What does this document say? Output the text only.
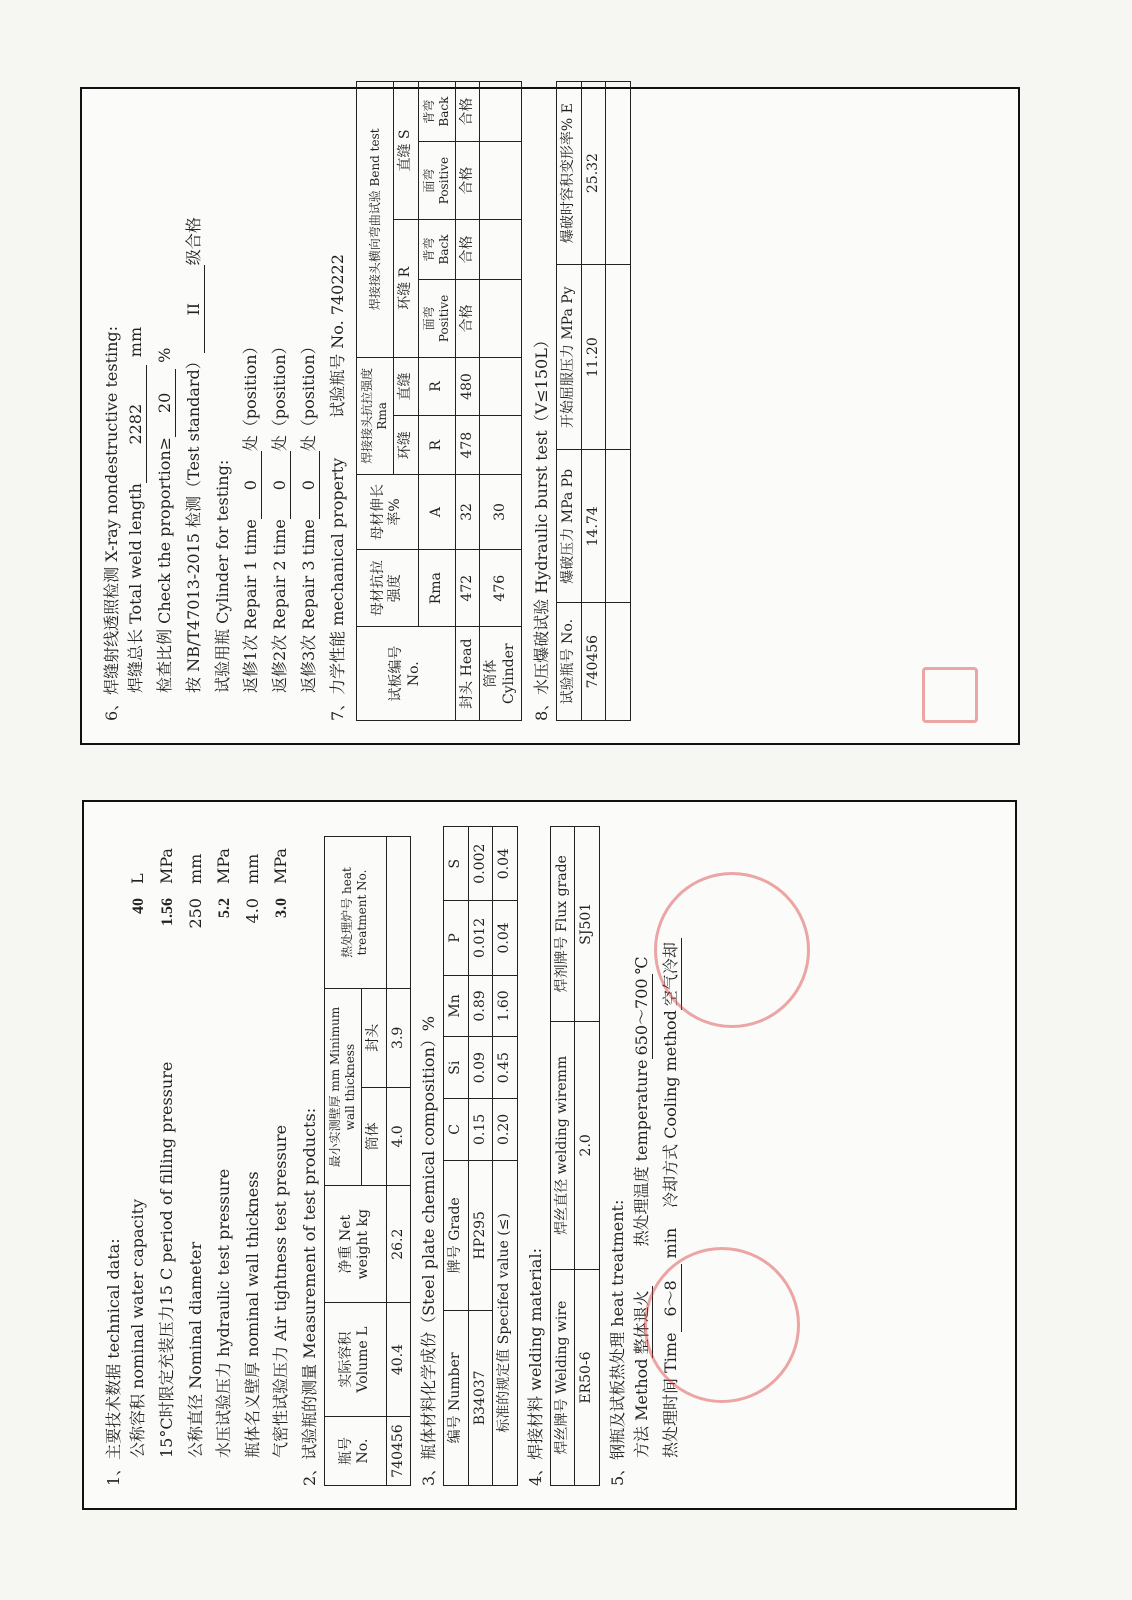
1、主要技术数据 technical data: 公称容积 nominal water capacity
40
L
15°C时限定充装压力15 C period of filling pressure
1.56
MPa
公称直径 Nominal diameter
250
mm
水压试验压力 hydraulic test pressure
5.2
MPa
瓶体名义壁厚 nominal wall thickness
4.0
mm
气密性试验压力 Air tightness test pressure
3.0
MPa
2、试验瓶的测量 Measurement of test products: 瓶号 No.	实际容积 Volume L	净重 Net weight kg	最小实测壁厚 mm Minimum wall thickness		热处理炉号 heat treatment No.
			筒体	封头	
740456	40.4	26.2	4.0	3.9	3、瓶体材料化学成份（Steel plate chemical composition）% 编号 Number	牌号 Grade	C	Si	Mn	P	S
B34037	HP295	0.15	0.09	0.89	0.012	0.002
标准的规定值 Specifed value (≤)		0.20	0.45	1.60	0.04	0.04
4、焊接材料 welding material: 焊丝牌号 Welding wire	焊丝直径 welding wiremm	焊剂牌号 Flux grade
ER50-6	2.0	SJ501
5、钢瓶及试板热处理 heat treatment: 方法 Method
整体退火
热处理温度 temperature
650～700
℃
热处理时间 Time
6～8
min
冷却方式 Cooling method
空气冷却
6、焊缝射线透照检测 X-ray nondestructive testing: 焊缝总长 Total weld length
2282
mm
检查比例 Check the proportion≥
20
% 按 NB/T47013-2015 检测（Test standard）
II
级合格
试验用瓶 Cylinder for testing: 返修1次 Repair 1 time
0
处（position）
返修2次 Repair 2 time
0
处（position）
返修3次 Repair 3 time
0
处（position）
7、力学性能 mechanical property
试验瓶号 No. 740222
试板编号 No.	母材抗拉强度	母材伸长率%	焊接接头抗拉强度 Rma		焊接接头横向弯曲试验 Bend test			
			环缝	直缝	环缝 R		直缝 S	
	Rma	A	R	R	面弯 Positive	背弯 Back	面弯 Positive	背弯 Back
封头 Head	472	32	478	480	合格	合格	合格	合格
筒体 Cylinder	476	30						8、水压爆破试验 Hydraulic burst test（V≤150L） 试验瓶号 No.	爆破压力 MPa Pb	开始屈服压力 MPa Py	爆破时容积变形率% E
740456	14.74	11.20	25.32
